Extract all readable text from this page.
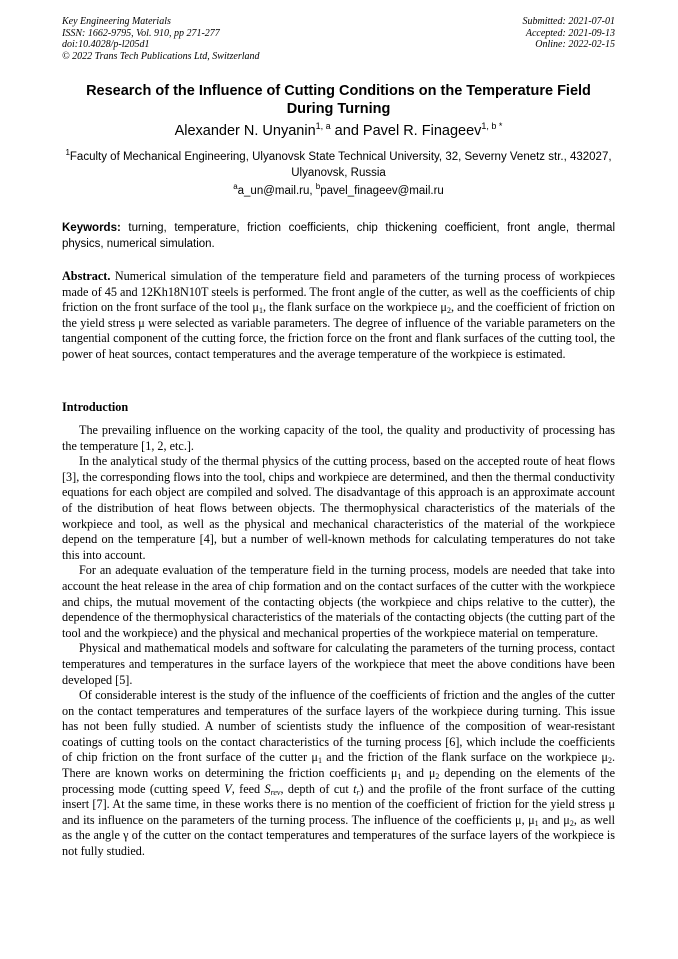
Key Engineering Materials
ISSN: 1662-9795, Vol. 910, pp 271-277
doi:10.4028/p-l205d1
© 2022 Trans Tech Publications Ltd, Switzerland
Submitted: 2021-07-01
Accepted: 2021-09-13
Online: 2022-02-15
Research of the Influence of Cutting Conditions on the Temperature Field During Turning
Alexander N. Unyanin$^{1, a}$ and Pavel R. Finageev$^{1, b *}$
$^1$Faculty of Mechanical Engineering, Ulyanovsk State Technical University, 32, Severny Venetz str., 432027, Ulyanovsk, Russia
$^a$a_un@mail.ru, $^b$pavel_finageev@mail.ru
Keywords: turning, temperature, friction coefficients, chip thickening coefficient, front angle, thermal physics, numerical simulation.
Abstract. Numerical simulation of the temperature field and parameters of the turning process of workpieces made of 45 and 12Kh18N10T steels is performed. The front angle of the cutter, as well as the coefficients of chip friction on the front surface of the tool $\mu_1$, the flank surface on the workpiece $\mu_2$, and the coefficient of friction on the yield stress μ were selected as variable parameters. The degree of influence of the variable parameters on the tangential component of the cutting force, the friction force on the front and flank surfaces of the cutting tool, the power of heat sources, contact temperatures and the average temperature of the workpiece is estimated.
Introduction

The prevailing influence on the working capacity of the tool, the quality and productivity of processing has the temperature [1, 2, etc.].

In the analytical study of the thermal physics of the cutting process, based on the accepted route of heat flows [3], the corresponding flows into the tool, chips and workpiece are determined, and then the thermal conductivity equations for each object are compiled and solved. The disadvantage of this approach is an approximate account of the distribution of heat flows between objects. The thermophysical characteristics of the materials of the workpiece and tool, as well as the physical and mechanical characteristics of the material of the workpiece depend on the temperature [4], but a number of well-known methods for calculating temperatures do not take this into account.

For an adequate evaluation of the temperature field in the turning process, models are needed that take into account the heat release in the area of chip formation and on the contact surfaces of the cutter with the workpiece and chips, the mutual movement of the contacting objects (the workpiece and chips relative to the cutter), the dependence of the thermophysical characteristics of the materials of the contacting objects (the cutting part of the tool and the workpiece) and the physical and mechanical properties of the workpiece material on temperature.

Physical and mathematical models and software for calculating the parameters of the turning process, contact temperatures and temperatures in the surface layers of the workpiece that meet the above conditions have been developed [5].

Of considerable interest is the study of the influence of the coefficients of friction and the angles of the cutter on the contact temperatures and temperatures of the surface layers of the workpiece during turning. This issue has not been fully studied. A number of scientists study the influence of the composition of wear-resistant coatings of cutting tools on the contact characteristics of the turning process [6], which include the coefficients of chip friction on the front surface of the cutter $\mu_1$ and the friction of the flank surface on the workpiece $\mu_2$. There are known works on determining the friction coefficients $\mu_1$ and $\mu_2$ depending on the elements of the processing mode (cutting speed V, feed $S_{rev}$, depth of cut $t_r$) and the profile of the front surface of the cutting insert [7]. At the same time, in these works there is no mention of the coefficient of friction for the yield stress μ and its influence on the parameters of the turning process. The influence of the coefficients μ, $\mu_1$ and $\mu_2$, as well as the angle γ of the cutter on the contact temperatures and temperatures of the surface layers of the workpiece is not fully studied.
